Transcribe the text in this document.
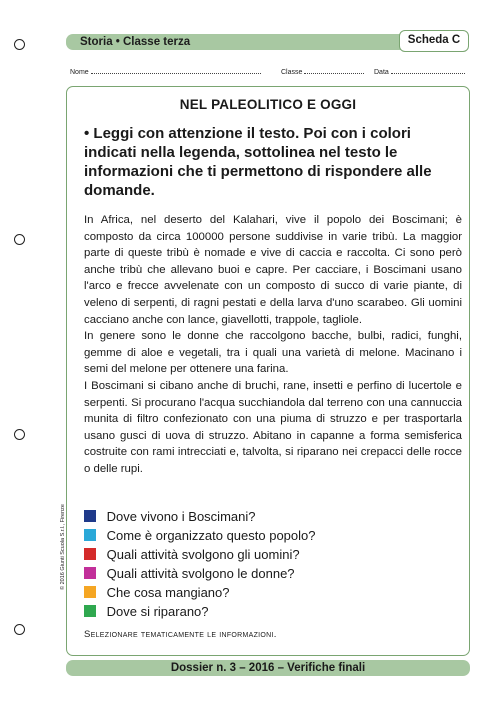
Storia • Classe terza	Scheda C
Nome	Classe	Data
NEL PALEOLITICO E OGGI

• Leggi con attenzione il testo. Poi con i colori indicati nella legenda, sottolinea nel testo le informazioni che ti permettono di rispondere alle domande.

In Africa, nel deserto del Kalahari, vive il popolo dei Boscimani; è composto da circa 100000 persone suddivise in varie tribù. La maggior parte di queste tribù è nomade e vive di caccia e raccolta. Ci sono però anche tribù che allevano buoi e capre. Per cacciare, i Boscimani usano l'arco e frecce avvelenate con un composto di succo di varie piante, di veleno di serpenti, di ragni pestati e della larva d'uno scarabeo. Gli uomini cacciano anche con lance, giavellotti, trappole, tagliole.

In genere sono le donne che raccolgono bacche, bulbi, radici, funghi, gemme di aloe e vegetali, tra i quali una varietà di melone. Macinano i semi del melone per ottenere una farina.

I Boscimani si cibano anche di bruchi, rane, insetti e perfino di lucertole e serpenti. Si procurano l'acqua succhiandola dal terreno con una cannuccia munita di filtro confezionato con una piuma di struzzo e per trasportarla usano gusci di uova di struzzo. Abitano in capanne a forma semisferica costruite con rami intrecciati e, talvolta, si riparano nei crepacci delle rocce o delle rupi.

Dove vivono i Boscimani?
Come è organizzato questo popolo?
Quali attività svolgono gli uomini?
Quali attività svolgono le donne?
Che cosa mangiano?
Dove si riparano?
Selezionare tematicamente le informazioni.
Dossier n. 3 – 2016 – Verifiche finali
© 2016 Giunti Scuola S.r.l., Firenze
